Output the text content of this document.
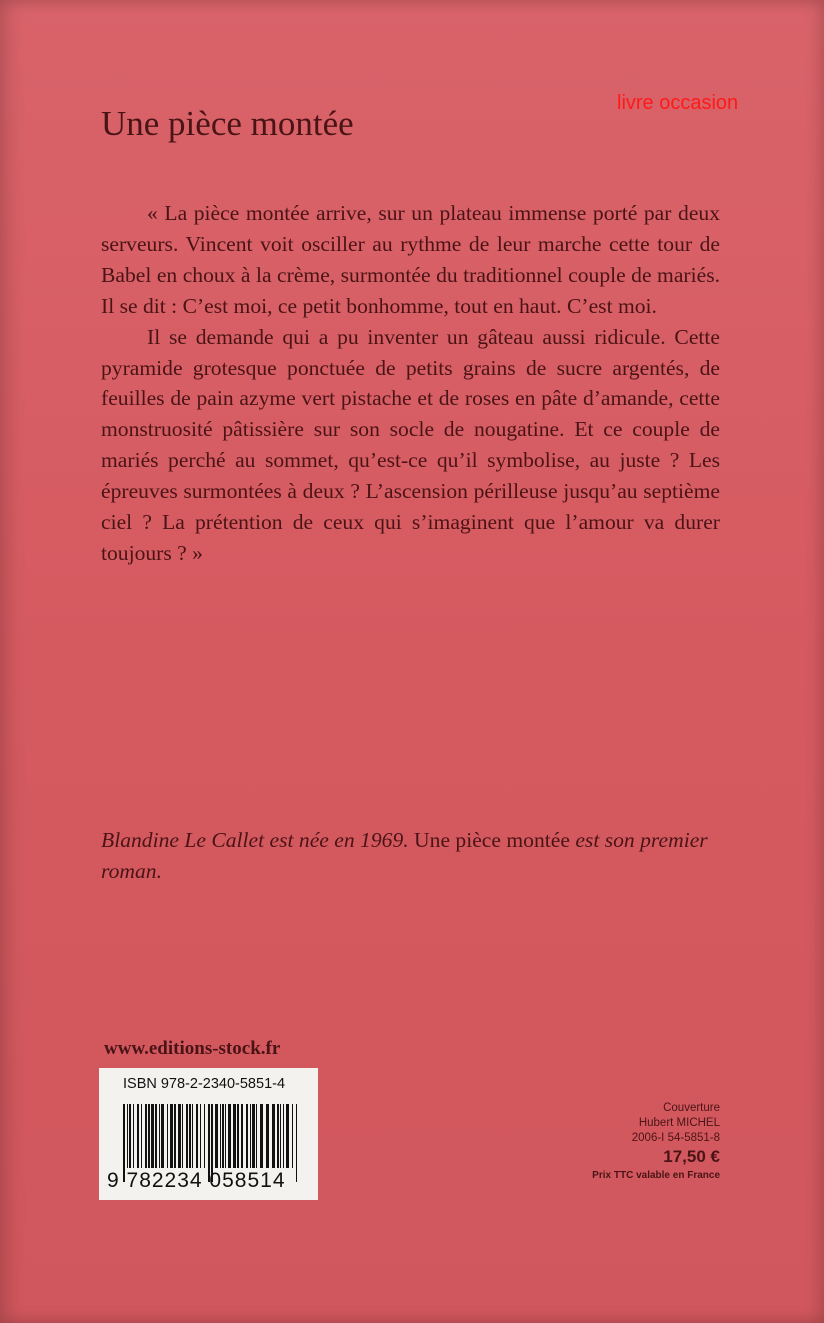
Une pièce montée
livre occasion

« La pièce montée arrive, sur un plateau immense porté par deux serveurs. Vincent voit osciller au rythme de leur marche cette tour de Babel en choux à la crème, surmontée du traditionnel couple de mariés. Il se dit : C’est moi, ce petit bonhomme, tout en haut. C’est moi.

Il se demande qui a pu inventer un gâteau aussi ridicule. Cette pyramide grotesque ponctuée de petits grains de sucre argentés, de feuilles de pain azyme vert pistache et de roses en pâte d’amande, cette monstruosité pâtissière sur son socle de nougatine. Et ce couple de mariés perché au sommet, qu’est-ce qu’il symbolise, au juste ? Les épreuves surmontées à deux ? L’ascension périlleuse jusqu’au septième ciel ? La prétention de ceux qui s’imaginent que l’amour va durer toujours ? »

Blandine Le Callet est née en 1969. Une pièce montée est son premier roman.
www.editions-stock.fr
ISBN 978-2-2340-5851-4
9 782234 058514
Couverture
Hubert MICHEL
2006-I 54-5851-8
17,50 €
Prix TTC valable en France
